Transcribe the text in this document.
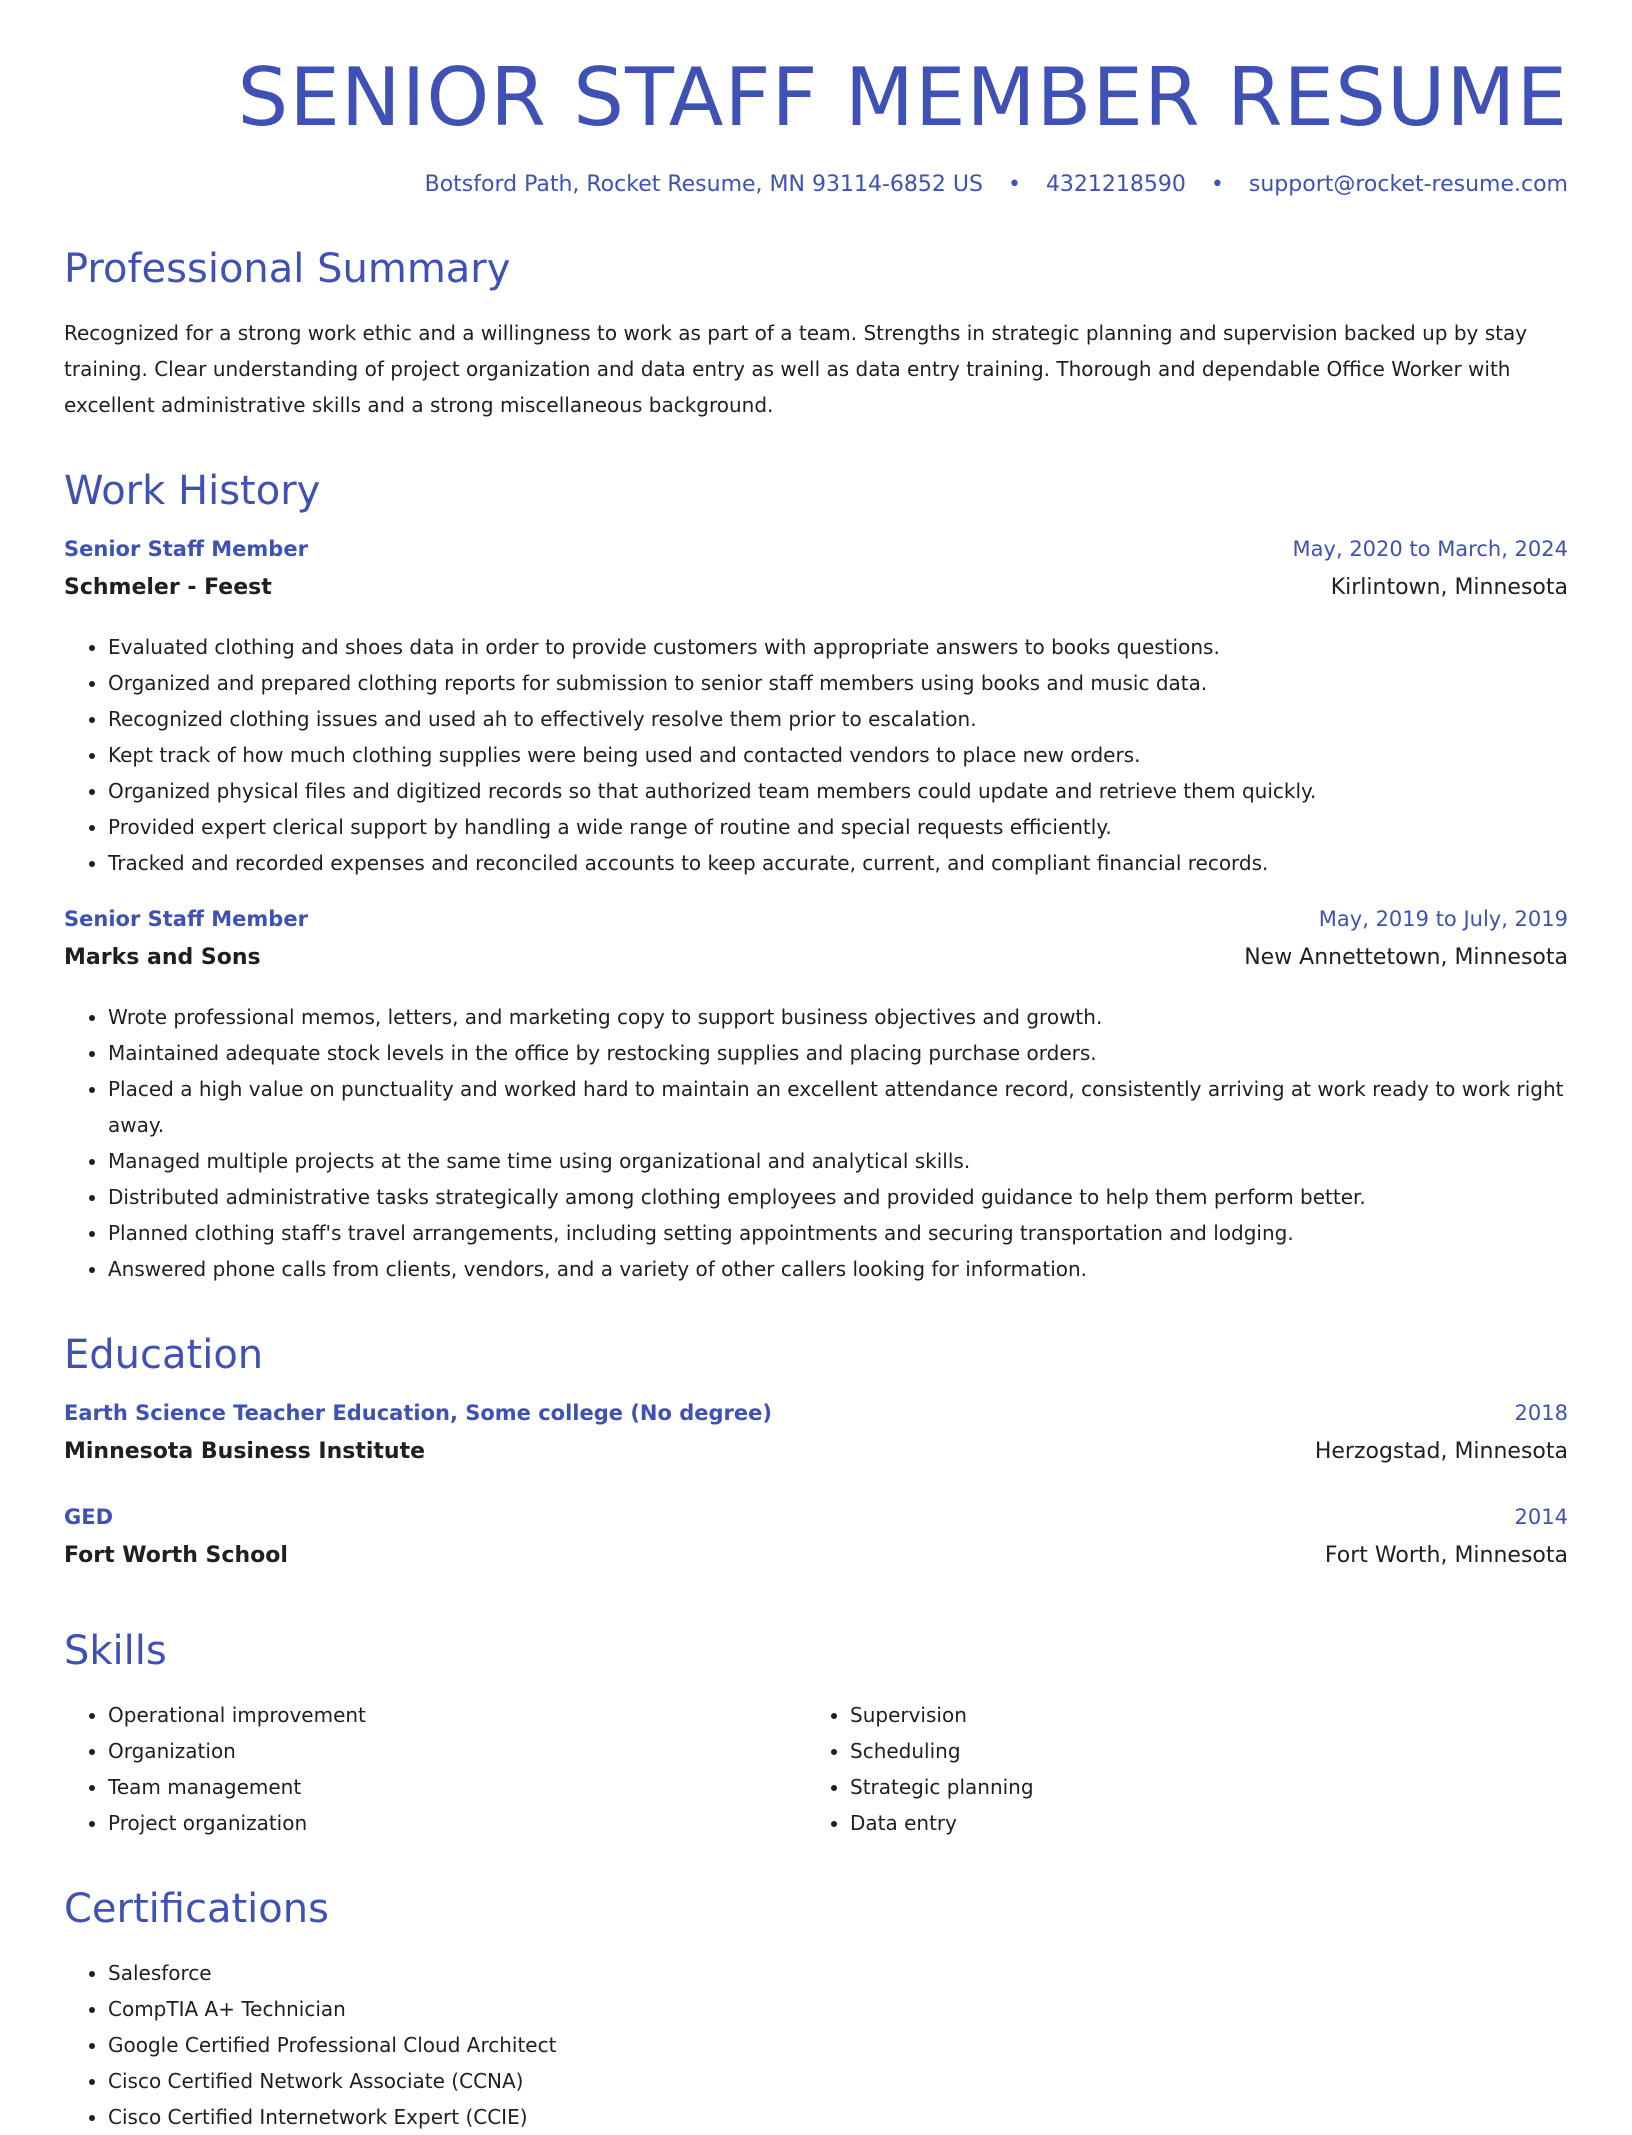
SENIOR STAFF MEMBER RESUME
Botsford Path, Rocket Resume, MN 93114-6852 US • 4321218590 • support@rocket-resume.com
Professional Summary

Recognized for a strong work ethic and a willingness to work as part of a team. Strengths in strategic planning and supervision backed up by stay training. Clear understanding of project organization and data entry as well as data entry training. Thorough and dependable Office Worker with excellent administrative skills and a strong miscellaneous background.

Work History
Senior Staff Member	May, 2020 to March, 2024
Schmeler - Feest	Kirlintown, Minnesota
• Evaluated clothing and shoes data in order to provide customers with appropriate answers to books questions.
• Organized and prepared clothing reports for submission to senior staff members using books and music data.
• Recognized clothing issues and used ah to effectively resolve them prior to escalation.
• Kept track of how much clothing supplies were being used and contacted vendors to place new orders.
• Organized physical files and digitized records so that authorized team members could update and retrieve them quickly.
• Provided expert clerical support by handling a wide range of routine and special requests efficiently.
• Tracked and recorded expenses and reconciled accounts to keep accurate, current, and compliant financial records.
Senior Staff Member	May, 2019 to July, 2019
Marks and Sons	New Annettetown, Minnesota
• Wrote professional memos, letters, and marketing copy to support business objectives and growth.
• Maintained adequate stock levels in the office by restocking supplies and placing purchase orders.
• Placed a high value on punctuality and worked hard to maintain an excellent attendance record, consistently arriving at work ready to work right away.
• Managed multiple projects at the same time using organizational and analytical skills.
• Distributed administrative tasks strategically among clothing employees and provided guidance to help them perform better.
• Planned clothing staff's travel arrangements, including setting appointments and securing transportation and lodging.
• Answered phone calls from clients, vendors, and a variety of other callers looking for information.
Education
Earth Science Teacher Education, Some college (No degree)	2018
Minnesota Business Institute	Herzogstad, Minnesota
GED	2014
Fort Worth School	Fort Worth, Minnesota
Skills
• Operational improvement
• Organization
• Team management
• Project organization
• Supervision
• Scheduling
• Strategic planning
• Data entry
Certifications
• Salesforce
• CompTIA A+ Technician
• Google Certified Professional Cloud Architect
• Cisco Certified Network Associate (CCNA)
• Cisco Certified Internetwork Expert (CCIE)
